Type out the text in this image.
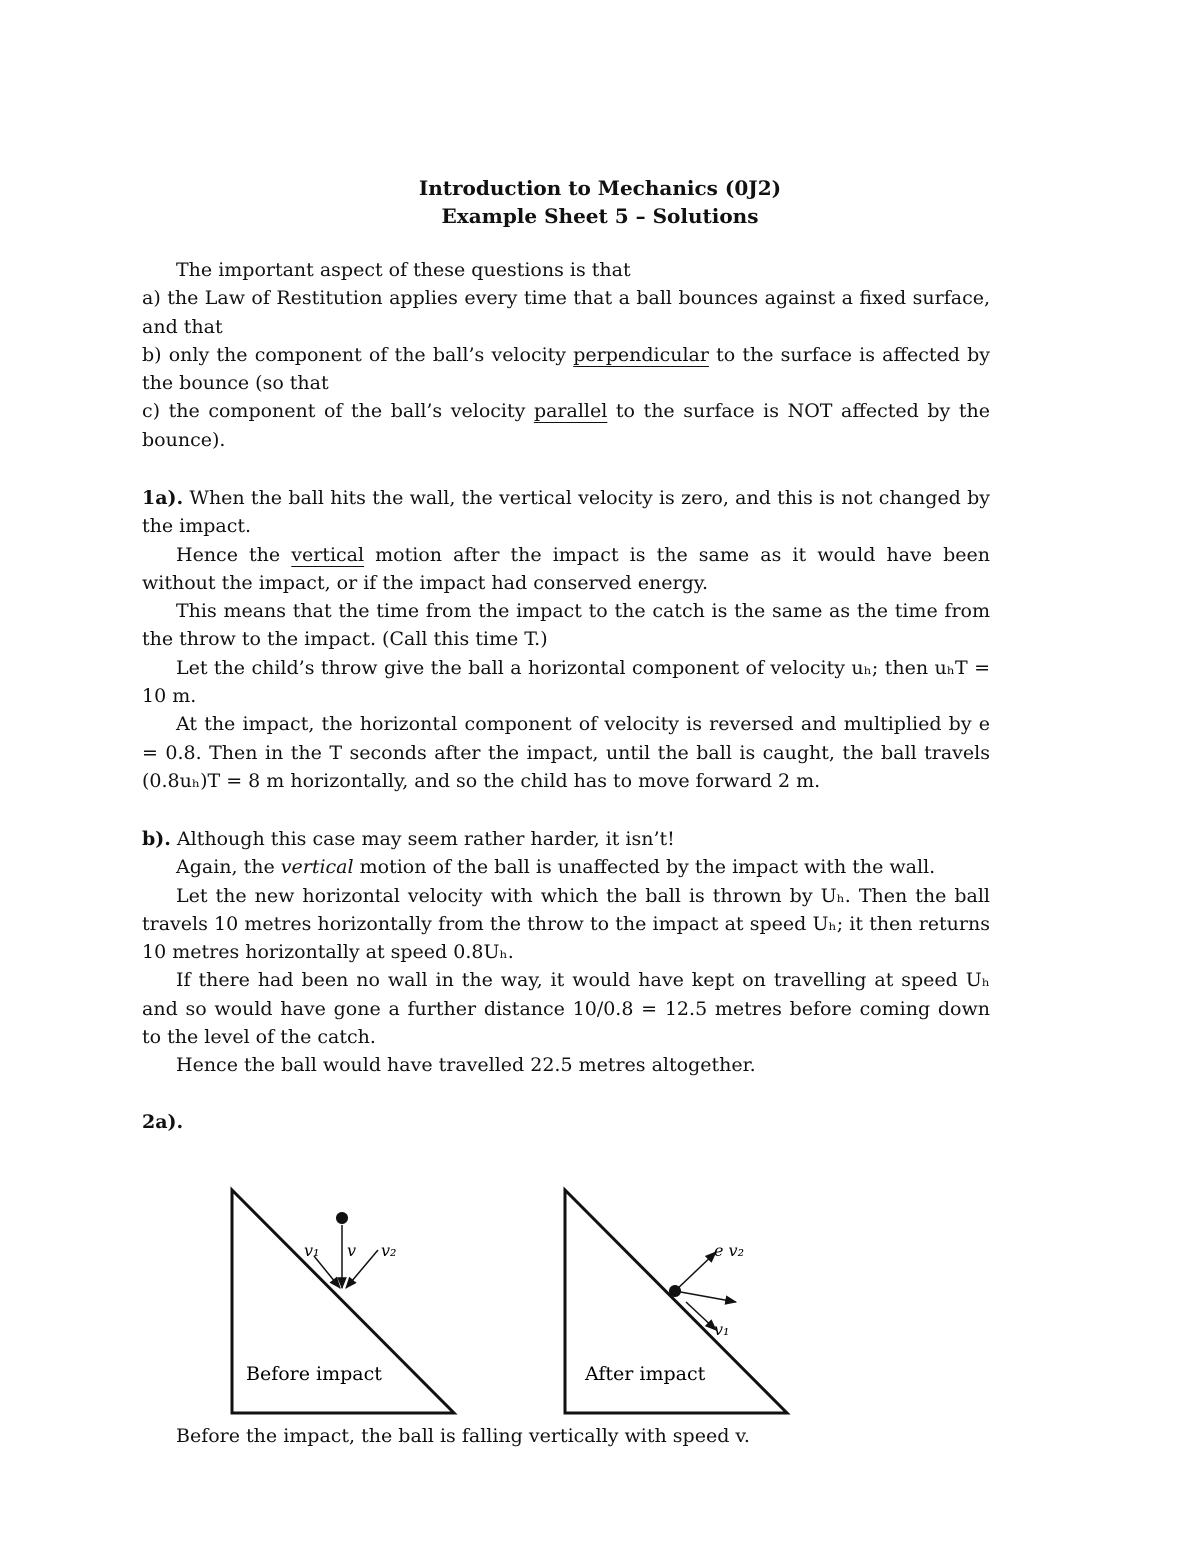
Introduction to Mechanics (0J2)
Example Sheet 5 – Solutions

The important aspect of these questions is that

a) the Law of Restitution applies every time that a ball bounces against a fixed surface, and that

b) only the component of the ball’s velocity perpendicular to the surface is affected by the bounce (so that

c) the component of the ball’s velocity parallel to the surface is NOT affected by the bounce).

1a). When the ball hits the wall, the vertical velocity is zero, and this is not changed by the impact.

Hence the vertical motion after the impact is the same as it would have been without the impact, or if the impact had conserved energy.

This means that the time from the impact to the catch is the same as the time from the throw to the impact. (Call this time T.)

Let the child’s throw give the ball a horizontal component of velocity uₕ; then uₕT = 10 m.

At the impact, the horizontal component of velocity is reversed and multiplied by e = 0.8. Then in the T seconds after the impact, until the ball is caught, the ball travels (0.8uₕ)T = 8 m horizontally, and so the child has to move forward 2 m.

b). Although this case may seem rather harder, it isn’t!

Again, the vertical motion of the ball is unaffected by the impact with the wall.

Let the new horizontal velocity with which the ball is thrown by Uₕ. Then the ball travels 10 metres horizontally from the throw to the impact at speed Uₕ; it then returns 10 metres horizontally at speed 0.8Uₕ.

If there had been no wall in the way, it would have kept on travelling at speed Uₕ and so would have gone a further distance 10/0.8 = 12.5 metres before coming down to the level of the catch.

Hence the ball would have travelled 22.5 metres altogether.

2a).
v₁ v v₂
Before impact
e v₂
v₁
After impact
Before the impact, the ball is falling vertically with speed v.
